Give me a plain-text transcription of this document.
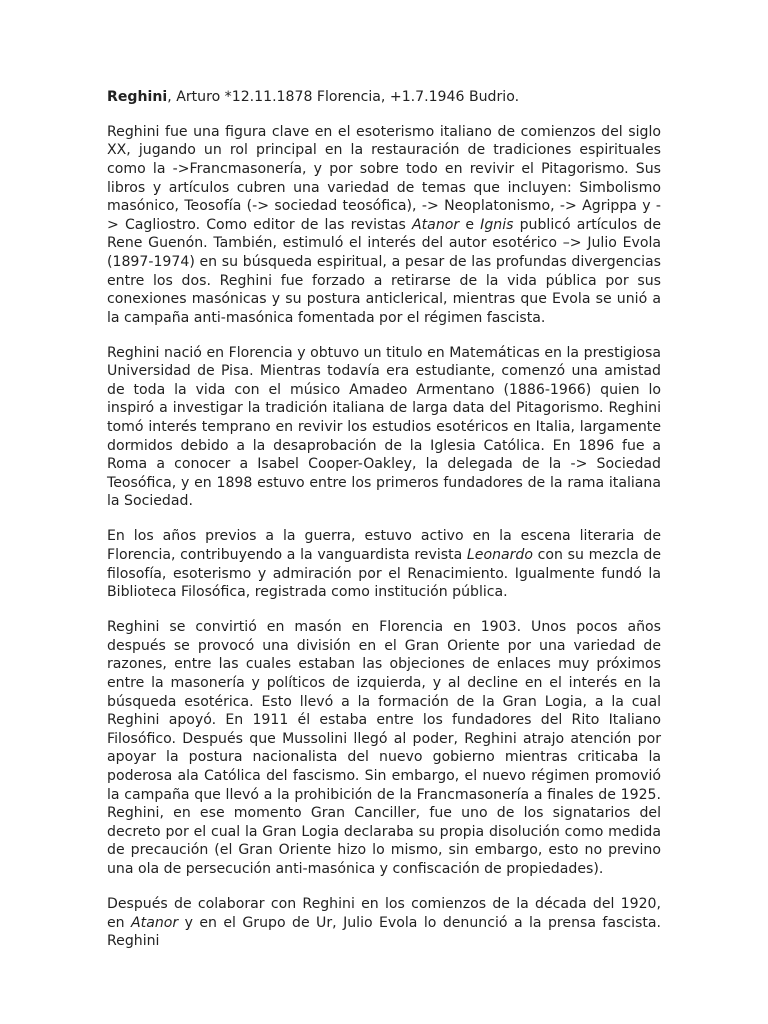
Reghini, Arturo *12.11.1878 Florencia, +1.7.1946 Budrio.

Reghini fue una figura clave en el esoterismo italiano de comienzos del siglo XX, jugando un rol principal en la restauración de tradiciones espirituales como la ->Francmasonería, y por sobre todo en revivir el Pitagorismo. Sus libros y artículos cubren una variedad de temas que incluyen: Simbolismo masónico, Teosofía (-> sociedad teosófica), -> Neoplatonismo, -> Agrippa y -> Cagliostro. Como editor de las revistas Atanor e Ignis publicó artículos de Rene Guenón. También, estimuló el interés del autor esotérico –> Julio Evola (1897-1974) en su búsqueda espiritual, a pesar de las profundas divergencias entre los dos. Reghini fue forzado a retirarse de la vida pública por sus conexiones masónicas y su postura anticlerical, mientras que Evola se unió a la campaña anti-masónica fomentada por el régimen fascista.

Reghini nació en Florencia y obtuvo un titulo en Matemáticas en la prestigiosa Universidad de Pisa. Mientras todavía era estudiante, comenzó una amistad de toda la vida con el músico Amadeo Armentano (1886-1966) quien lo inspiró a investigar la tradición italiana de larga data del Pitagorismo. Reghini tomó interés temprano en revivir los estudios esotéricos en Italia, largamente dormidos debido a la desaprobación de la Iglesia Católica. En 1896 fue a Roma a conocer a Isabel Cooper-Oakley, la delegada de la -> Sociedad Teosófica, y en 1898 estuvo entre los primeros fundadores de la rama italiana la Sociedad.

En los años previos a la guerra, estuvo activo en la escena literaria de Florencia, contribuyendo a la vanguardista revista Leonardo con su mezcla de filosofía, esoterismo y admiración por el Renacimiento. Igualmente fundó la Biblioteca Filosófica, registrada como institución pública.

Reghini se convirtió en masón en Florencia en 1903. Unos pocos años después se provocó una división en el Gran Oriente por una variedad de razones, entre las cuales estaban las objeciones de enlaces muy próximos entre la masonería y políticos de izquierda, y al decline en el interés en la búsqueda esotérica. Esto llevó a la formación de la Gran Logia, a la cual Reghini apoyó. En 1911 él estaba entre los fundadores del Rito Italiano Filosófico. Después que Mussolini llegó al poder, Reghini atrajo atención por apoyar la postura nacionalista del nuevo gobierno mientras criticaba la poderosa ala Católica del fascismo. Sin embargo, el nuevo régimen promovió la campaña que llevó a la prohibición de la Francmasonería a finales de 1925. Reghini, en ese momento Gran Canciller, fue uno de los signatarios del decreto por el cual la Gran Logia declaraba su propia disolución como medida de precaución (el Gran Oriente hizo lo mismo, sin embargo, esto no previno una ola de persecución anti-masónica y confiscación de propiedades).

Después de colaborar con Reghini en los comienzos de la década del 1920, en Atanor y en el Grupo de Ur, Julio Evola lo denunció a la prensa fascista. Reghini
